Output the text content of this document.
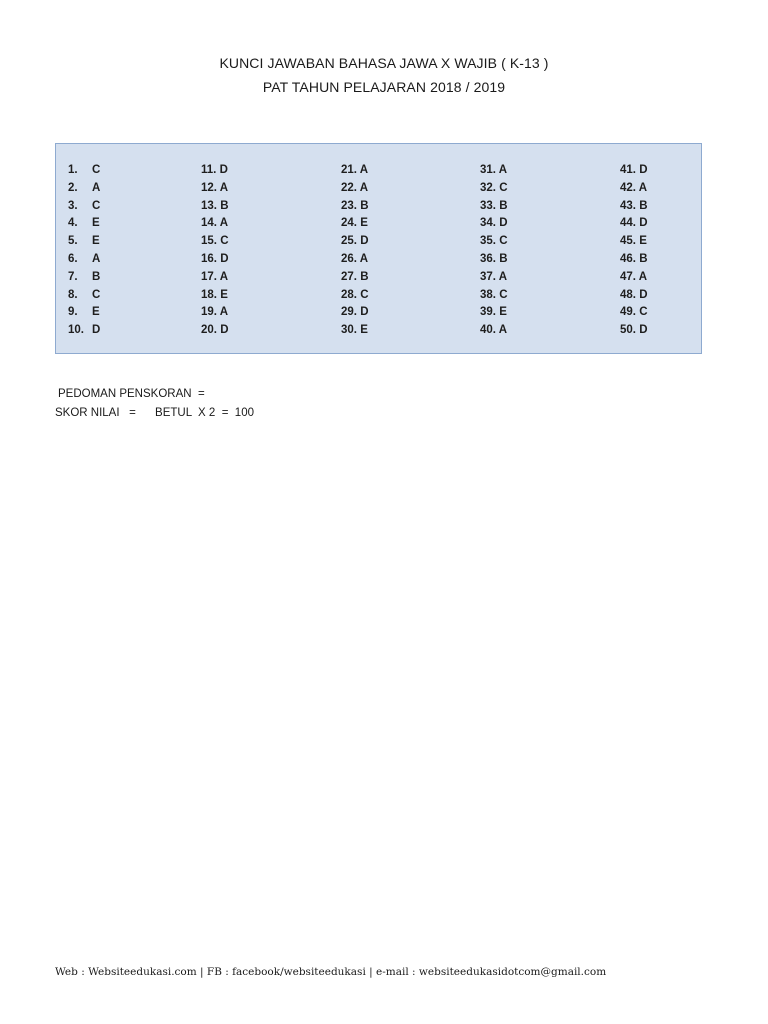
KUNCI JAWABAN BAHASA JAWA X WAJIB ( K-13 )
PAT TAHUN PELAJARAN 2018 / 2019
1. C
2. A
3. C
4. E
5. E
6. A
7. B
8. C
9. E
10. D
11. D
12. A
13. B
14. A
15. C
16. D
17. A
18. E
19. A
20. D
21. A
22. A
23. B
24. E
25. D
26. A
27. B
28. C
29. D
30. E
31. A
32. C
33. B
34. D
35. C
36. B
37. A
38. C
39. E
40. A
41. D
42. A
43. B
44. D
45. E
46. B
47. A
48. D
49. C
50. D
PEDOMAN PENSKORAN  =
SKOR NILAI   =      BETUL  X 2  =  100
Web : Websiteedukasi.com | FB : facebook/websiteedukasi | e-mail : websiteedukasidotcom@gmail.com
